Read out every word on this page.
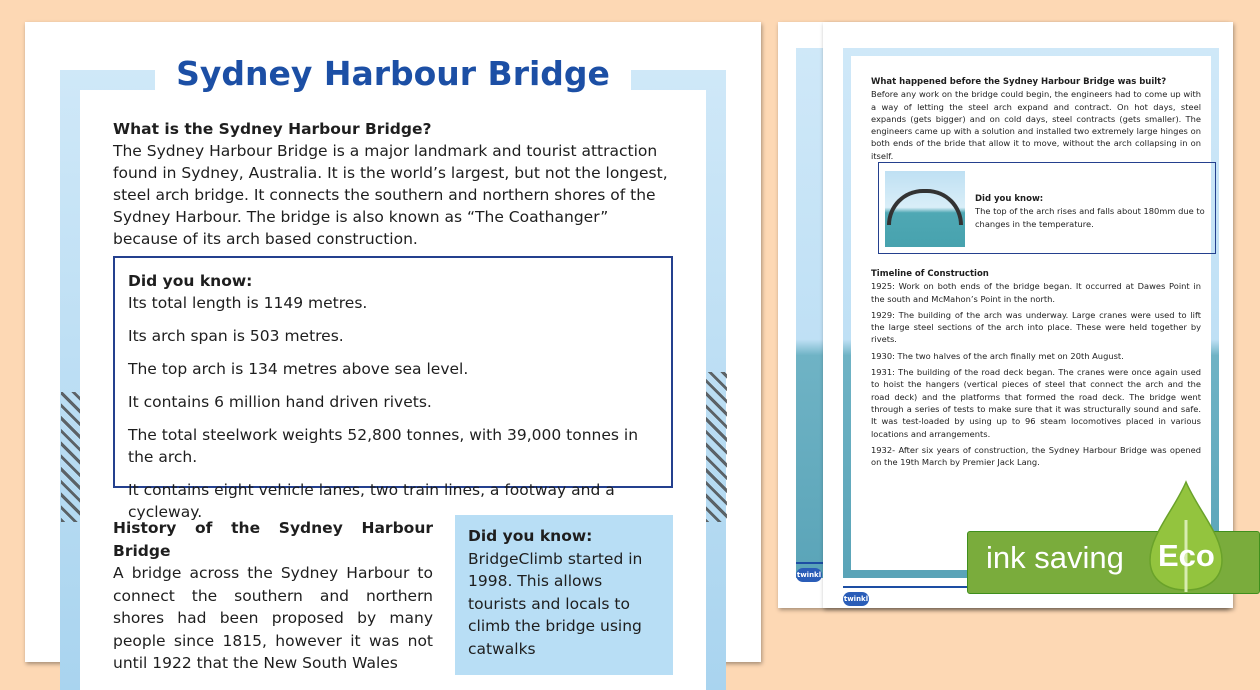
Sydney Harbour Bridge
What is the Sydney Harbour Bridge?

The Sydney Harbour Bridge is a major landmark and tourist attraction found in Sydney, Australia. It is the world’s largest, but not the longest, steel arch bridge. It connects the southern and northern shores of the Sydney Harbour. The bridge is also known as “The Coathanger” because of its arch based construction.

Did you know:

Its total length is 1149 metres.

Its arch span is 503 metres.

The top arch is 134 metres above sea level.

It contains 6 million hand driven rivets.

The total steelwork weights 52,800 tonnes, with 39,000 tonnes in the arch.

It contains eight vehicle lanes, two train lines, a footway and a cycleway.

History of the Sydney Harbour Bridge

A bridge across the Sydney Harbour to connect the southern and northern shores had been proposed by many people since 1815, however it was not until 1922 that the New South Wales

Did you know:

BridgeClimb started in 1998. This allows tourists and locals to climb the bridge using catwalks

twinkl
What happened before the Sydney Harbour Bridge was built?

Before any work on the bridge could begin, the engineers had to come up with a way of letting the steel arch expand and contract. On hot days, steel expands (gets bigger) and on cold days, steel contracts (gets smaller). The engineers came up with a solution and installed two extremely large hinges on both ends of the bride that allow it to move, without the arch collapsing in on itself.

Did you know:

The top of the arch rises and falls about 180mm due to changes in the temperature.

Timeline of Construction

1925: Work on both ends of the bridge began. It occurred at Dawes Point in the south and McMahon’s Point in the north.

1929: The building of the arch was underway. Large cranes were used to lift the large steel sections of the arch into place. These were held together by rivets.

1930: The two halves of the arch finally met on 20th August.

1931: The building of the road deck began. The cranes were once again used to hoist the hangers (vertical pieces of steel that connect the arch and the road deck) and the platforms that formed the road deck. The bridge went through a series of tests to make sure that it was structurally sound and safe. It was test-loaded by using up to 96 steam locomotives placed in various locations and arrangements.

1932- After six years of construction, the Sydney Harbour Bridge was opened on the 19th March by Premier Jack Lang.

twinkl
ink saving Eco
